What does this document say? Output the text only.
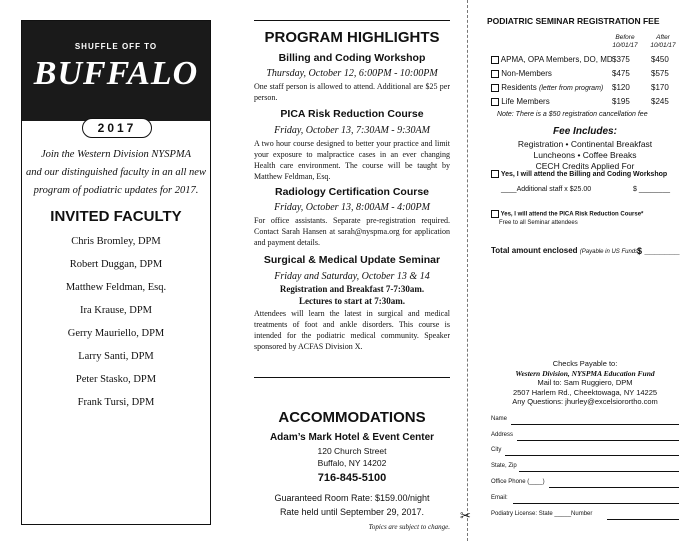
SHUFFLE OFF TO
BUFFALO
2017
Join the Western Division NYSPMA
and our distinguished faculty in an all new
program of podiatric updates for 2017.
INVITED FACULTY
Chris Bromley, DPM
Robert Duggan, DPM
Matthew Feldman, Esq.
Ira Krause, DPM
Gerry Mauriello, DPM
Larry Santi, DPM
Peter Stasko, DPM
Frank Tursi, DPM
PROGRAM HIGHLIGHTS
Billing and Coding Workshop
Thursday, October 12, 6:00PM - 10:00PM
One staff person is allowed to attend. Additional are $25 per person.
PICA Risk Reduction Course
Friday, October 13, 7:30AM - 9:30AM
A two hour course designed to better your practice and limit your exposure to malpractice cases in an ever changing Health care environment. The course will be taught by Matthew Feldman, Esq.
Radiology Certification Course
Friday, October 13, 8:00AM - 4:00PM
For office assistants. Separate pre-registration required. Contact Sarah Hansen at sarah@nyspma.org for application and payment details.
Surgical & Medical Update Seminar
Friday and Saturday, October 13 & 14
Registration and Breakfast 7-7:30am.
Lectures to start at 7:30am.
Attendees will learn the latest in surgical and medical treatments of foot and ankle disorders. This course is intended for the podiatric medical community. Speaker sponsored by ACFAS Division X.
ACCOMMODATIONS
Adam’s Mark Hotel & Event Center
120 Church Street
Buffalo, NY 14202
716-845-5100
Guaranteed Room Rate: $159.00/night
Rate held until September 29, 2017.
Topics are subject to change.
PODIATRIC SEMINAR REGISTRATION FEE
Before
10/01/17
After
10/01/17
APMA, OPA Members, DO, MD $375	$450
Non-Members	$475	$575
Residents (letter from program) $120	$170
Life Members	$195	$245
Note: There is a $50 registration cancellation fee
Fee Includes:
Registration • Continental Breakfast
Luncheons • Coffee Breaks
CECH Credits Applied For
Yes, I will attend the Billing and Coding Workshop
____Additional staff x $25.00	$ ________
Yes, I will attend the PICA Risk Reduction Course*
Free to all Seminar attendees
Total amount enclosed (Payable in US Funds)
$ _______
Checks Payable to:
Western Division, NYSPMA Education Fund
Mail to: Sam Ruggiero, DPM
2507 Harlem Rd., Cheektowaga, NY 14225
Any Questions: jhurley@excelsiorortho.com
Name
Address
City
State, Zip
Office Phone (____)
Email:
Podiatry License: State _____Number
✂
